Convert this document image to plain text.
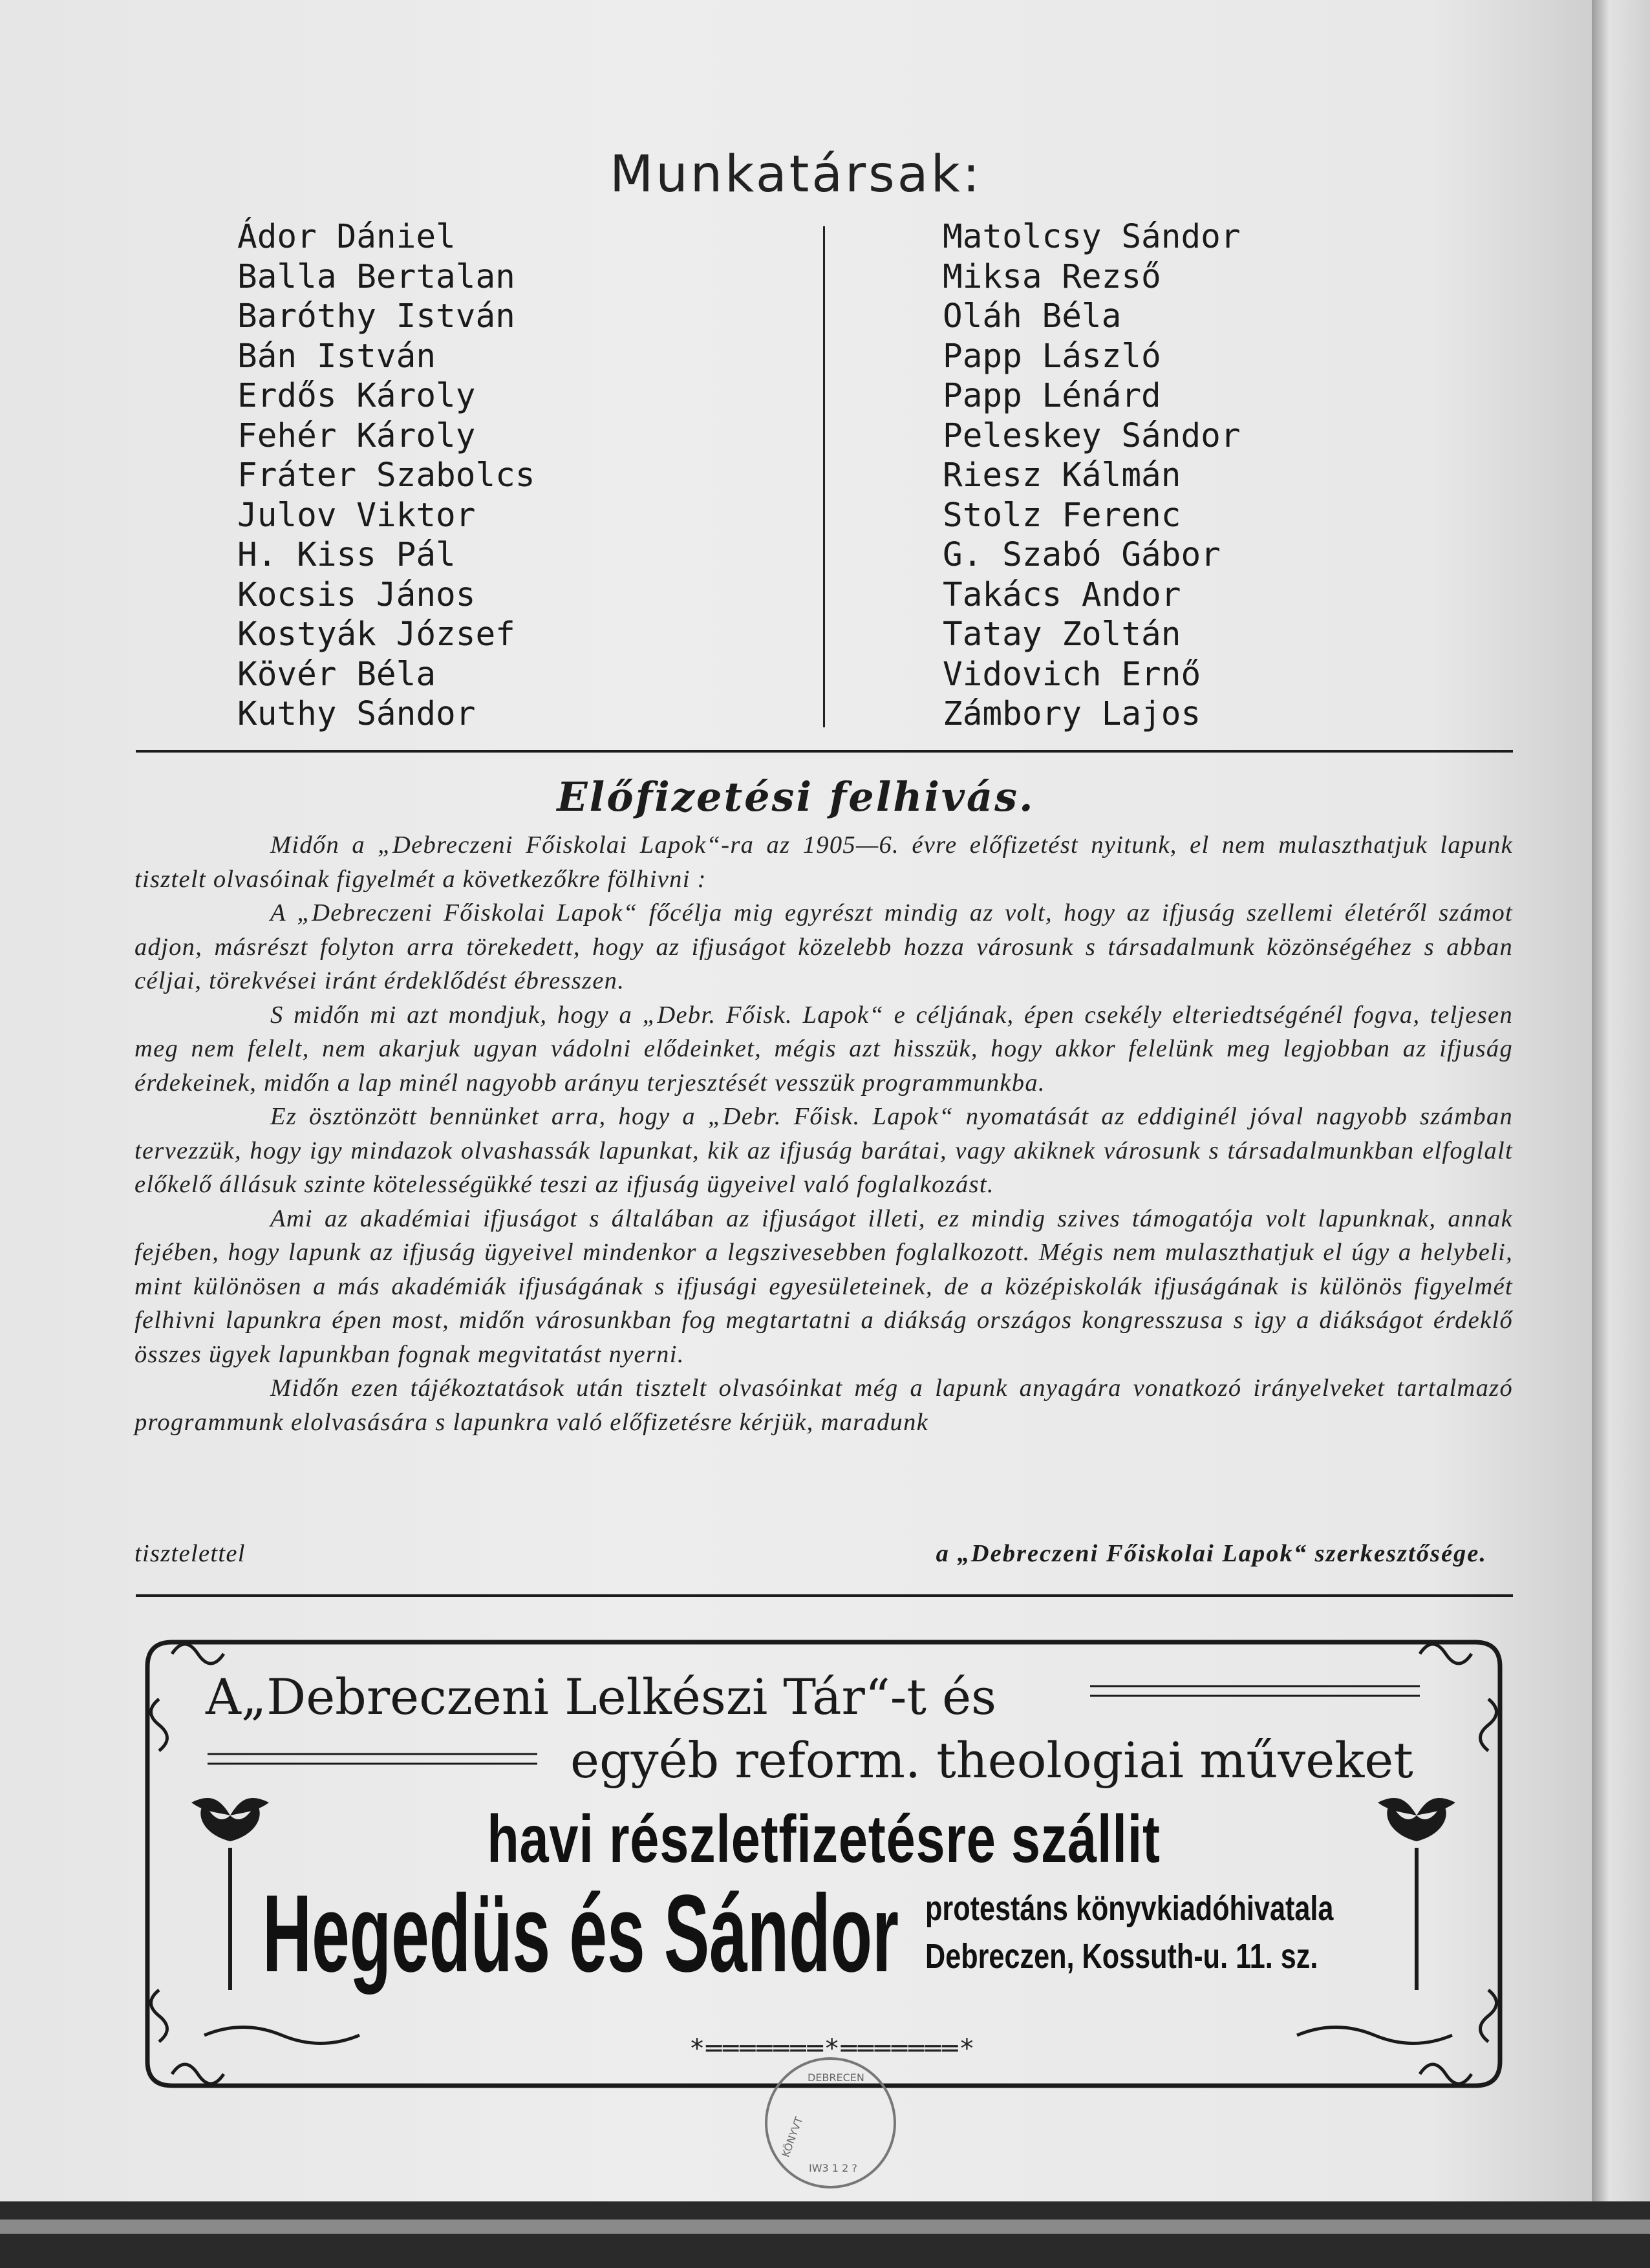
Munkatársak:
Ádor Dániel
Balla Bertalan
Baróthy István
Bán István
Erdős Károly
Fehér Károly
Fráter Szabolcs
Julov Viktor
H. Kiss Pál
Kocsis János
Kostyák József
Kövér Béla
Kuthy Sándor
Matolcsy Sándor
Miksa Rezső
Oláh Béla
Papp László
Papp Lénárd
Peleskey Sándor
Riesz Kálmán
Stolz Ferenc
G. Szabó Gábor
Takács Andor
Tatay Zoltán
Vidovich Ernő
Zámbory Lajos
Előfizetési felhivás.

Midőn a „Debreczeni Főiskolai Lapok“-ra az 1905—6. évre előfizetést nyitunk, el nem mulaszthatjuk lapunk tisztelt olvasóinak figyelmét a következőkre fölhivni :

A „Debreczeni Főiskolai Lapok“ főcélja mig egyrészt mindig az volt, hogy az ifjuság szellemi életéről számot adjon, másrészt folyton arra törekedett, hogy az ifjuságot közelebb hozza városunk s társadalmunk közönségéhez s abban céljai, törekvései iránt érdeklődést ébresszen.

S midőn mi azt mondjuk, hogy a „Debr. Főisk. Lapok“ e céljának, épen csekély elteriedtségénél fogva, teljesen meg nem felelt, nem akarjuk ugyan vádolni elődeinket, mégis azt hisszük, hogy akkor felelünk meg legjobban az ifjuság érdekeinek, midőn a lap minél nagyobb arányu terjesztését vesszük programmunkba.

Ez ösztönzött bennünket arra, hogy a „Debr. Főisk. Lapok“ nyomatását az eddiginél jóval nagyobb számban tervezzük, hogy igy mindazok olvashassák lapunkat, kik az ifjuság barátai, vagy akiknek városunk s társadalmunkban elfoglalt előkelő állásuk szinte kötelességükké teszi az ifjuság ügyeivel való foglalkozást.

Ami az akadémiai ifjuságot s általában az ifjuságot illeti, ez mindig szives támogatója volt lapunknak, annak fejében, hogy lapunk az ifjuság ügyeivel mindenkor a legszivesebben foglalkozott. Mégis nem mulaszthatjuk el úgy a helybeli, mint különösen a más akadémiák ifjuságának s ifjusági egyesületeinek, de a középiskolák ifjuságának is különös figyelmét felhivni lapunkra épen most, midőn városunkban fog megtartatni a diákság országos kongresszusa s igy a diákságot érdeklő összes ügyek lapunkban fognak megvitatást nyerni.

Midőn ezen tájékoztatások után tisztelt olvasóinkat még a lapunk anyagára vonatkozó irányelveket tartalmazó programmunk elolvasására s lapunkra való előfizetésre kérjük, maradunk

tisztelettel	a „Debreczeni Főiskolai Lapok“ szerkesztősége.
A„Debreczeni Lelkészi Tár“-t és
egyéb reform. theologiai műveket
havi részletfizetésre szállit
Hegedüs és Sándor protestáns könyvkiadóhivatala
Debreczen, Kossuth-u. 11. sz.
*═══════*═══════*
DEBRECEN
KÖNYVT
IW3 1 2 ?
